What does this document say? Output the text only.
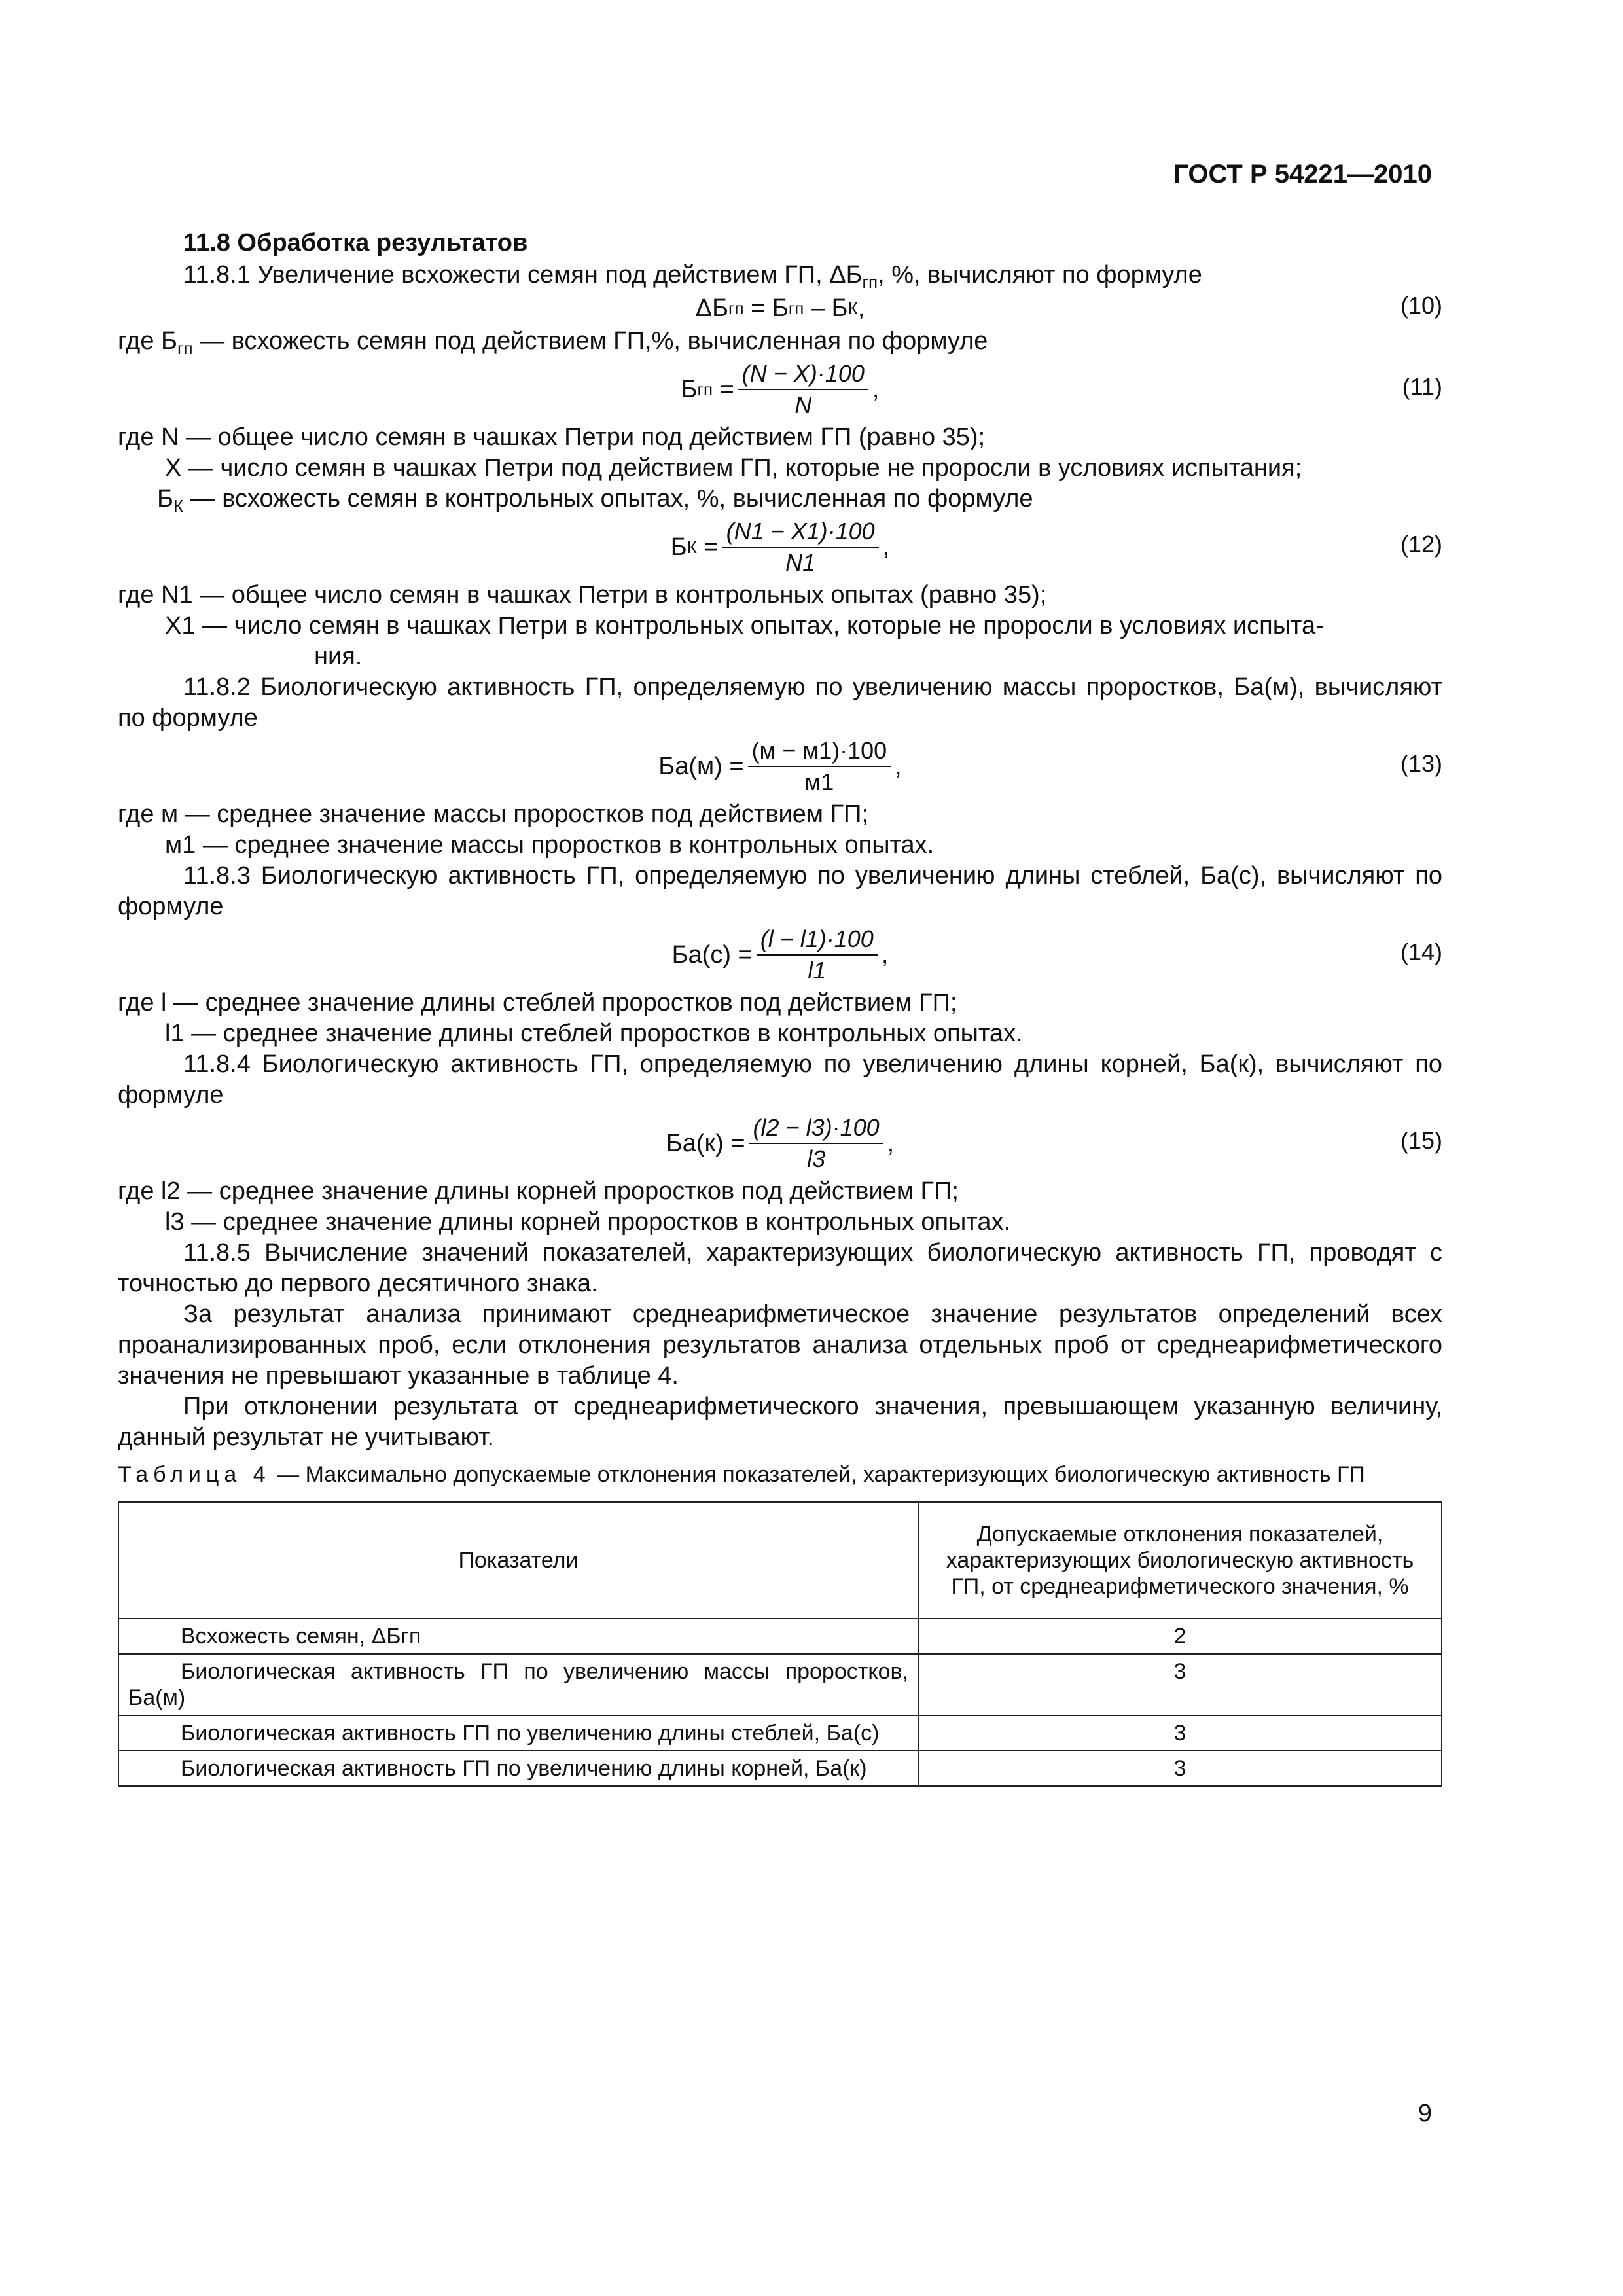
ГОСТ Р 54221—2010
11.8 Обработка результатов

11.8.1 Увеличение всхожести семян под действием ГП, $\Delta Б_{гп}$, %, вычисляют по формуле

ΔБ гп = Б гп – Б К ,	(10)

где $Б_{гп}$ — всхожесть семян под действием ГП,%, вычисленная по формуле

Б гп = $\frac{(N - X)\cdot 100}{N}$ ,	(11)

где N — общее число семян в чашках Петри под действием ГП (равно 35);

X — число семян в чашках Петри под действием ГП, которые не проросли в условиях испытания;

$Б_К$ — всхожесть семян в контрольных опытах, %, вычисленная по формуле

Б $К = \frac{(N1 - X1)\cdot 100}{N1}$ ,	(12)

где N1 — общее число семян в чашках Петри в контрольных опытах (равно 35);

X1 — число семян в чашках Петри в контрольных опытах, которые не проросли в условиях испыта-

ния.

11.8.2 Биологическую активность ГП, определяемую по увеличению массы проростков, Ба(м), вычисляют по формуле

$Ба(м) = \frac{(м - м1)\cdot 100}{м1}$ ,	(13)

где м — среднее значение массы проростков под действием ГП;

м1 — среднее значение массы проростков в контрольных опытах.

11.8.3 Биологическую активность ГП, определяемую по увеличению длины стеблей, Ба(с), вычисляют по формуле

$Ба(с) = \frac{(l - l1)\cdot 100}{l1}$ ,	(14)

где l — среднее значение длины стеблей проростков под действием ГП;

l1 — среднее значение длины стеблей проростков в контрольных опытах.

11.8.4 Биологическую активность ГП, определяемую по увеличению длины корней, Ба(к), вычисляют по формуле

$Ба(к) = \frac{(l2 - l3)\cdot 100}{l3}$ ,	(15)

где l2 — среднее значение длины корней проростков под действием ГП;

l3 — среднее значение длины корней проростков в контрольных опытах.

11.8.5 Вычисление значений показателей, характеризующих биологическую активность ГП, проводят с точностью до первого десятичного знака.

За результат анализа принимают среднеарифметическое значение результатов определений всех проанализированных проб, если отклонения результатов анализа отдельных проб от среднеарифметического значения не превышают указанные в таблице 4.

При отклонении результата от среднеарифметического значения, превышающем указанную величину, данный результат не учитывают.

Таблица 4 — Максимально допускаемые отклонения показателей, характеризующих биологическую активность ГП
Показатели	Допускаемые отклонения показателей, характеризующих биологическую активность ГП, от среднеарифметического значения, %
Всхожесть семян, ΔБгп	2
Биологическая активность ГП по увеличению массы проростков, Ба(м)	3
Биологическая активность ГП по увеличению длины стеблей, Ба(с)	3
Биологическая активность ГП по увеличению длины корней, Ба(к)	3
9
